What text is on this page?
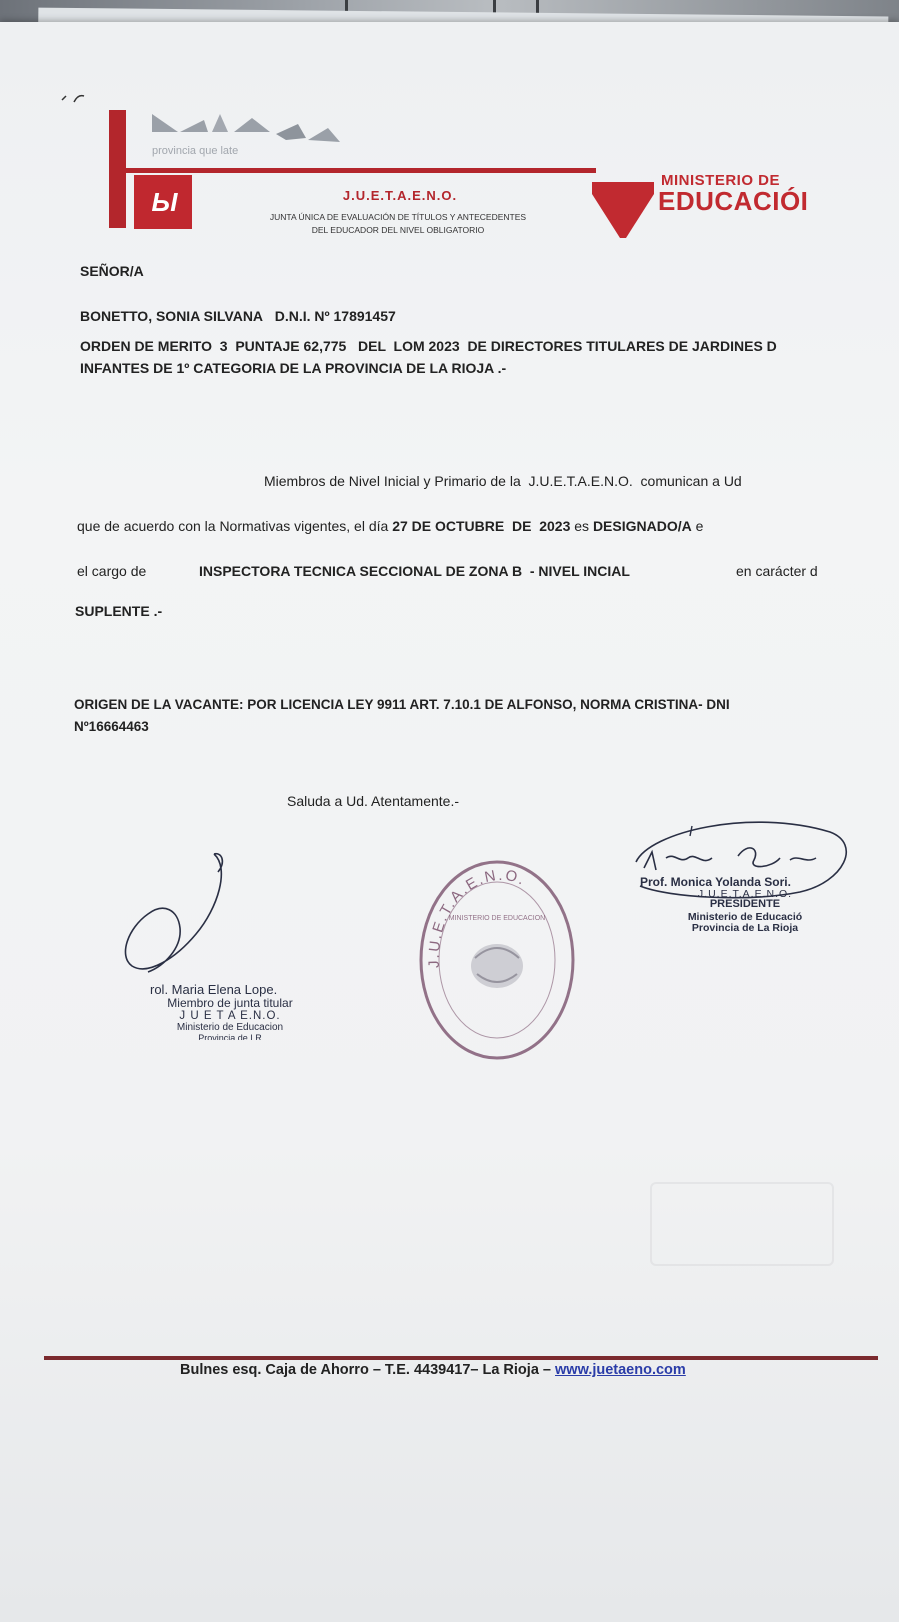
provincia que late
Ы	J.U.E.T.A.E.N.O.
JUNTA ÚNICA DE EVALUACIÓN DE TÍTULOS Y ANTECEDENTES
DEL EDUCADOR DEL NIVEL OBLIGATORIO
MINISTERIO DE
EDUCACIÓI
SEÑOR/A
BONETTO, SONIA SILVANA D.N.I. Nº 17891457
ORDEN DE MERITO  3  PUNTAJE 62,775   DEL  LOM 2023  DE DIRECTORES TITULARES DE JARDINES D
INFANTES DE 1º CATEGORIA DE LA PROVINCIA DE LA RIOJA .-
Miembros de Nivel Inicial y Primario de la  J.U.E.T.A.E.N.O.  comunican a Ud
que de acuerdo con la Normativas vigentes, el día 27 DE OCTUBRE  DE  2023 es DESIGNADO/A e
el cargo de	INSPECTORA TECNICA SECCIONAL DE ZONA B  - NIVEL INCIAL	en carácter d
SUPLENTE .-
ORIGEN DE LA VACANTE: POR LICENCIA LEY 9911 ART. 7.10.1 DE ALFONSO, NORMA CRISTINA- DNI
Nº16664463
Saluda a Ud. Atentamente.-
rol. Maria Elena Lope.
Miembro de junta titular
J U E T A E.N.O.
Ministerio de Educacion
Provincia de LR
J.U.E.T.A.E.N.O.
MINISTERIO DE EDUCACION
Prof. Monica Yolanda Sori.
J.U.E.T.A.E.N.O.
PRESIDENTE
Ministerio de Educació
Provincia de La Rioja
Bulnes esq. Caja de Ahorro – T.E. 4439417– La Rioja – www.juetaeno.com
